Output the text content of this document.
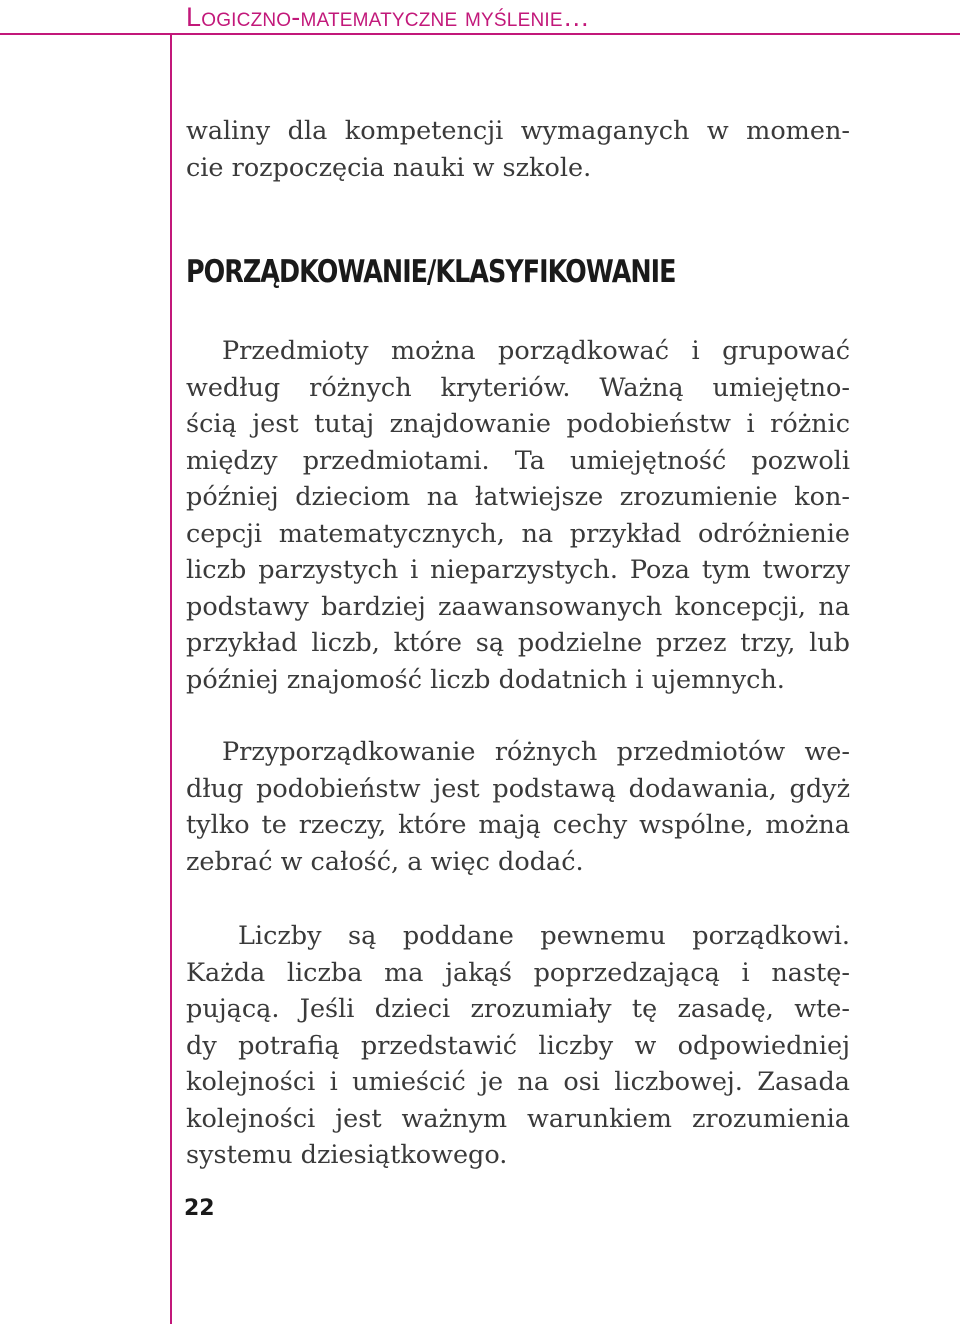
Logiczno-matematyczne myślenie…
waliny dla kompetencji wymaganych w momen-
cie rozpoczęcia nauki w szkole.
PORZĄDKOWANIE/KLASYFIKOWANIE
Przedmioty można porządkować i grupować
według różnych kryteriów. Ważną umiejętno-
ścią jest tutaj znajdowanie podobieństw i różnic
między przedmiotami. Ta umiejętność pozwoli
później dzieciom na łatwiejsze zrozumienie kon-
cepcji matematycznych, na przykład odróżnienie
liczb parzystych i nieparzystych. Poza tym tworzy
podstawy bardziej zaawansowanych koncepcji, na
przykład liczb, które są podzielne przez trzy, lub
później znajomość liczb dodatnich i ujemnych.
Przyporządkowanie różnych przedmiotów we-
dług podobieństw jest podstawą dodawania, gdyż
tylko te rzeczy, które mają cechy wspólne, można
zebrać w całość, a więc dodać.
Liczby są poddane pewnemu porządkowi.
Każda liczba ma jakąś poprzedzającą i nastę-
pującą. Jeśli dzieci zrozumiały tę zasadę, wte-
dy potrafią przedstawić liczby w odpowiedniej
kolejności i umieścić je na osi liczbowej. Zasada
kolejności jest ważnym warunkiem zrozumienia
systemu dziesiątkowego.
22
